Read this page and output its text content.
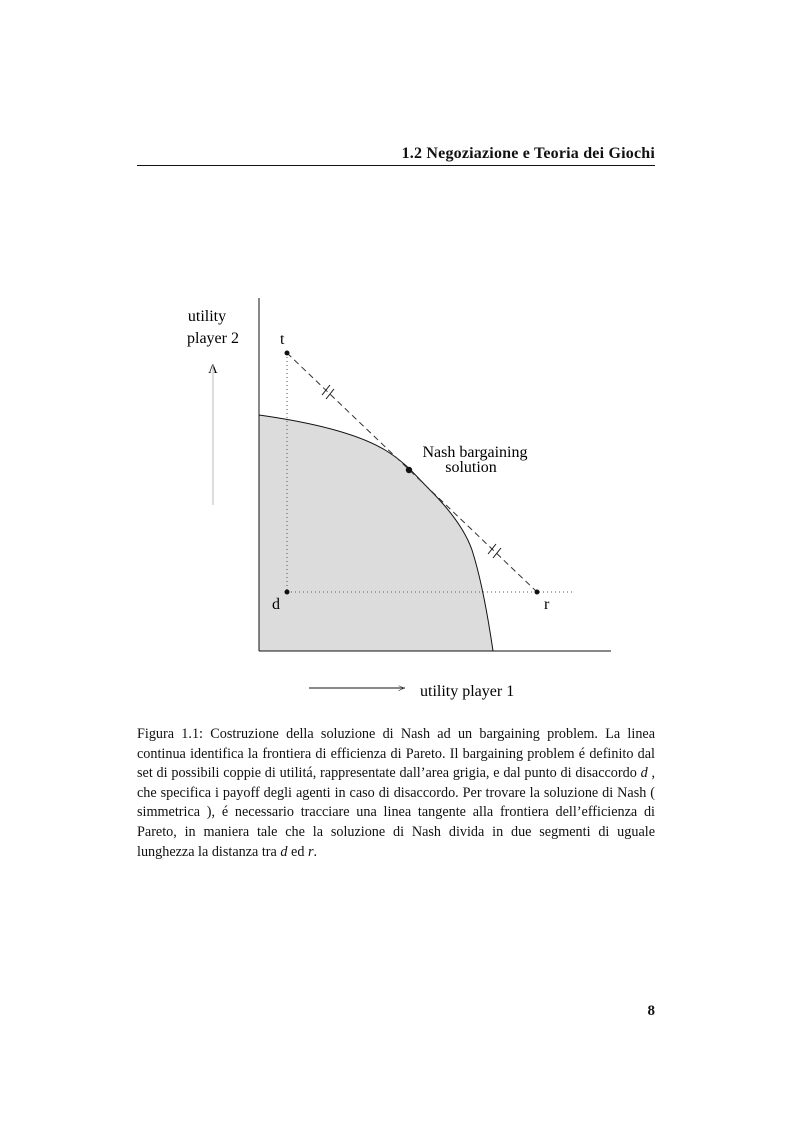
1.2 Negoziazione e Teoria dei Giochi
utility
player 2
Λ
t
d	r
Nash bargaining
solution
> utility player 1
Figura 1.1: Costruzione della soluzione di Nash ad un bargaining problem. La linea continua identifica la frontiera di efficienza di Pareto. Il bargaining problem é definito dal set di possibili coppie di utilitá, rappresentate dall’area grigia, e dal punto di disaccordo d , che specifica i payoff degli agenti in caso di disaccordo. Per trovare la soluzione di Nash ( simmetrica ), é necessario tracciare una linea tangente alla frontiera dell’efficienza di Pareto, in maniera tale che la soluzione di Nash divida in due segmenti di uguale lunghezza la distanza tra d ed r.
8
